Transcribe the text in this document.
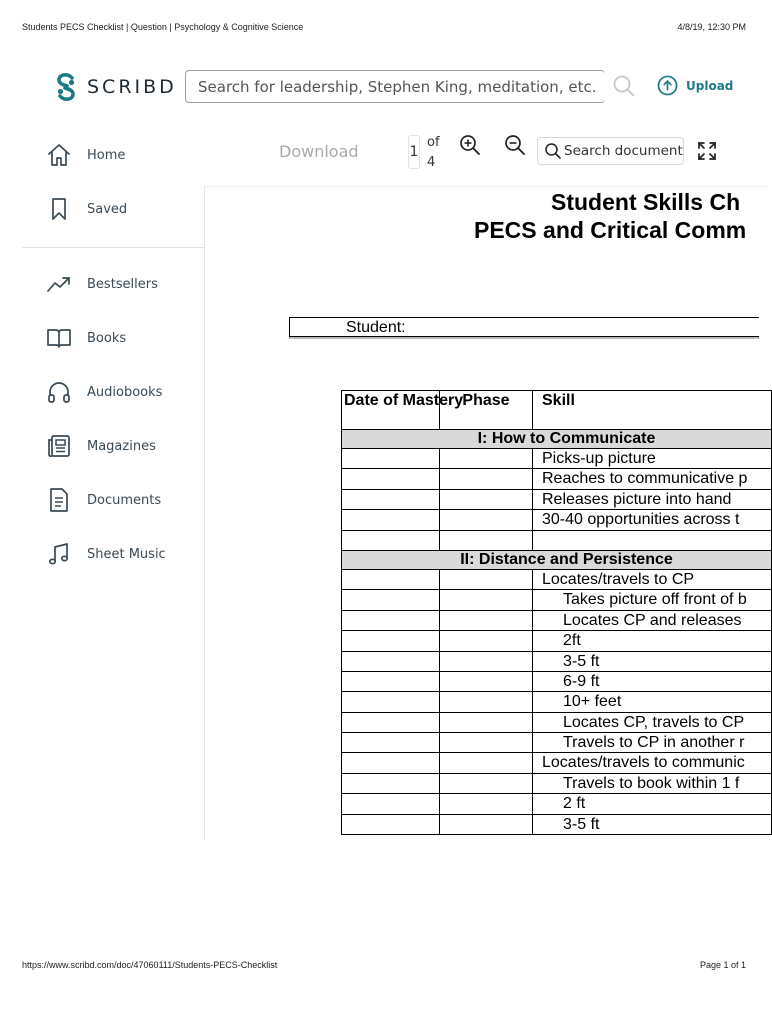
Students PECS Checklist | Question | Psychology & Cognitive Science	4/8/19, 12:30 PM
SCRIBD
Search for leadership, Stephen King, meditation, etc.	Upload
Home
Saved
Bestsellers
Books
Audiobooks
Magazines
Documents
Sheet Music
Download	1
of
4
Search document
Student Skills Ch
PECS and Critical Comm
Student:
Date of Mastery	Phase	Skill
I: How to Communicate		
		Picks-up picture
		Reaches to communicative p
		Releases picture into hand
		30-40 opportunities across t

II: Distance and Persistence		
		Locates/travels to CP
		Takes picture off front of b
		Locates CP and releases
		2ft
		3-5 ft
		6-9 ft
		10+ feet
		Locates CP, travels to CP
		Travels to CP in another r
		Locates/travels to communic
		Travels to book within 1 f
		2 ft
		3-5 ft
https://www.scribd.com/doc/47060111/Students-PECS-Checklist	Page 1 of 1
